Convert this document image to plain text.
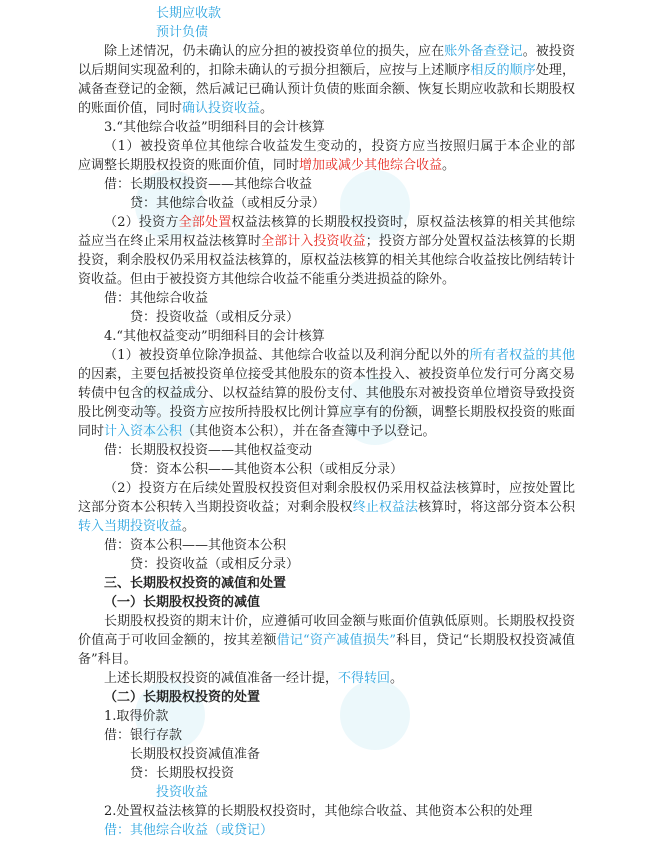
长期应收款
预计负债
除上述情况，仍未确认的应分担的被投资单位的损失，应在账外备查登记。被投资
以后期间实现盈利的，扣除未确认的亏损分担额后，应按与上述顺序相反的顺序处理，
减备查登记的金额，然后减记已确认预计负债的账面余额、恢复长期应收款和长期股权
的账面价值，同时确认投资收益。
3.“其他综合收益”明细科目的会计核算
（1）被投资单位其他综合收益发生变动的，投资方应当按照归属于本企业的部
应调整长期股权投资的账面价值，同时增加或减少其他综合收益。
借：长期股权投资——其他综合收益
贷：其他综合收益（或相反分录）
（2）投资方全部处置权益法核算的长期股权投资时，原权益法核算的相关其他综
益应当在终止采用权益法核算时全部计入投资收益；投资方部分处置权益法核算的长期
投资，剩余股权仍采用权益法核算的，原权益法核算的相关其他综合收益按比例结转计
资收益。但由于被投资方其他综合收益不能重分类进损益的除外。
借：其他综合收益
贷：投资收益（或相反分录）
4.“其他权益变动”明细科目的会计核算
（1）被投资单位除净损益、其他综合收益以及利润分配以外的所有者权益的其他
的因素，主要包括被投资单位接受其他股东的资本性投入、被投资单位发行可分离交易
转债中包含的权益成分、以权益结算的股份支付、其他股东对被投资单位增资导致投资
股比例变动等。投资方应按所持股权比例计算应享有的份额，调整长期股权投资的账面
同时计入资本公积（其他资本公积），并在备查簿中予以登记。
借：长期股权投资——其他权益变动
贷：资本公积——其他资本公积（或相反分录）
（2）投资方在后续处置股权投资但对剩余股权仍采用权益法核算时，应按处置比
这部分资本公积转入当期投资收益；对剩余股权终止权益法核算时，将这部分资本公积
转入当期投资收益。
借：资本公积——其他资本公积
贷：投资收益（或相反分录）
三、长期股权投资的减值和处置
（一）长期股权投资的减值
长期股权投资的期末计价，应遵循可收回金额与账面价值孰低原则。长期股权投资
价值高于可收回金额的，按其差额借记“资产减值损失”科目，贷记“长期股权投资减值
备”科目。
上述长期股权投资的减值准备一经计提，不得转回。
（二）长期股权投资的处置
1.取得价款
借：银行存款
长期股权投资减值准备
贷：长期股权投资
投资收益
2.处置权益法核算的长期股权投资时，其他综合收益、其他资本公积的处理
借：其他综合收益（或贷记）
